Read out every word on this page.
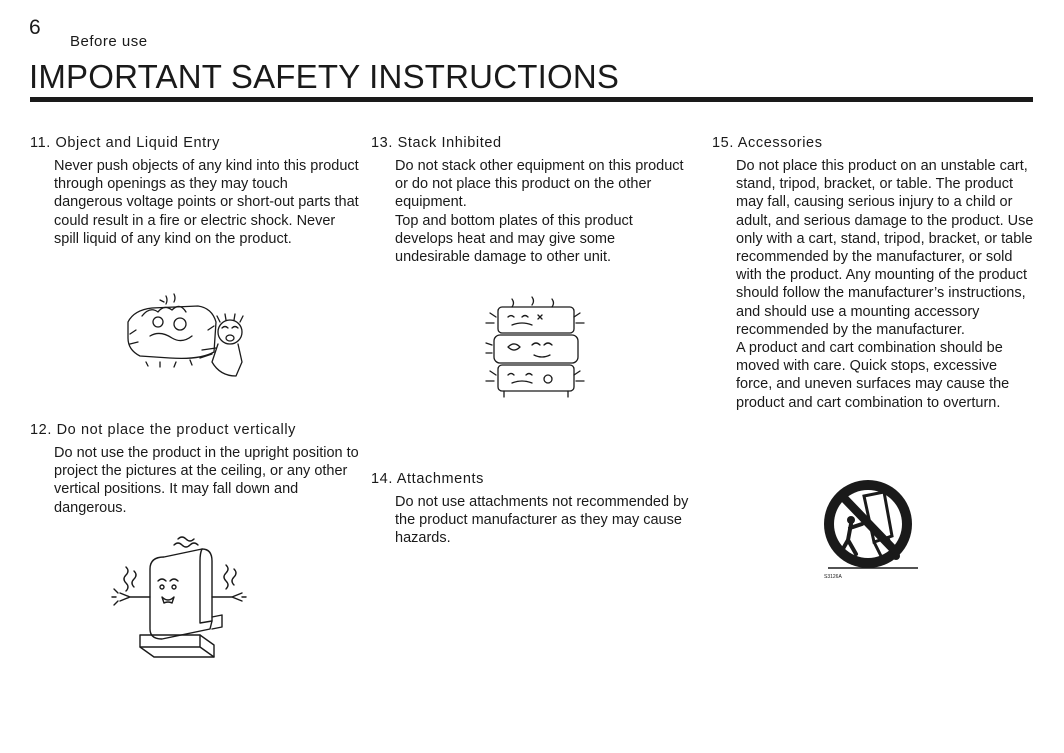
6
Before use
IMPORTANT SAFETY INSTRUCTIONS
11. Object and Liquid Entry

Never push objects of any kind into this product through openings as they may touch dangerous voltage points or short-out parts that could result in a fire or electric shock. Never spill liquid of any kind on the product.

12. Do not place the product vertically

Do not use the product in the upright position to project the pictures at the ceiling, or any other vertical positions. It may fall down and dangerous.

13. Stack Inhibited

Do not stack other equipment on this product or do not place this product on the other equipment.

Top and bottom plates of this product develops heat and may give some undesirable damage to other unit.

14. Attachments

Do not use attachments not recommended by the product manufacturer as they may cause hazards.

15. Accessories

Do not place this product on an unstable cart, stand, tripod, bracket, or table. The product may fall, causing serious injury to a child or adult, and serious damage to the product. Use only with a cart, stand, tripod, bracket, or table recommended by the manufacturer, or sold with the product. Any mounting of the product should follow the manufacturer’s instructions, and should use a mounting accessory recommended by the manufacturer.

A product and cart combination should be moved with care. Quick stops, excessive force, and uneven surfaces may cause the product and cart combination to overturn.

S3126A
